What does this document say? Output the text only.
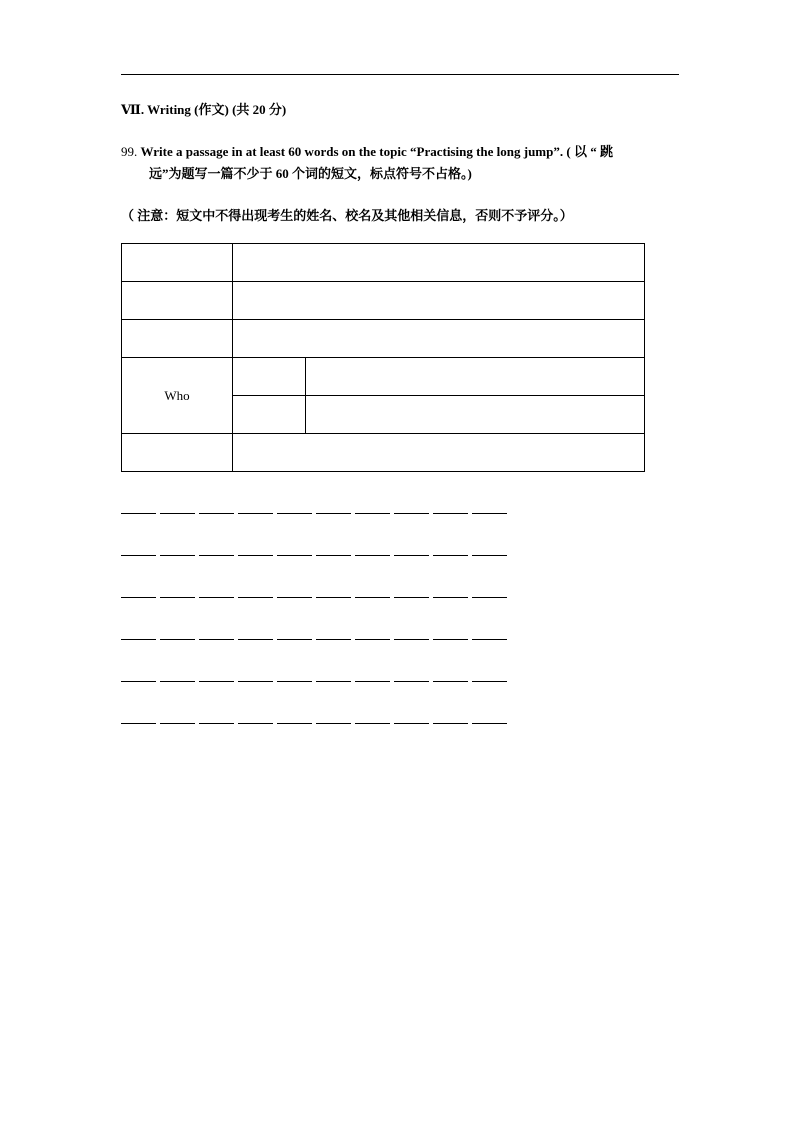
Ⅶ. Writing (作文) (共 20 分)
99. Write a passage in at least 60 words on the topic “Practising the long jump”. ( 以 “ 跳
远”为题写一篇不少于 60 个词的短文，标点符号不占格。)
（ 注意：短文中不得出现考生的姓名、校名及其他相关信息，否则不予评分。）

Who		
